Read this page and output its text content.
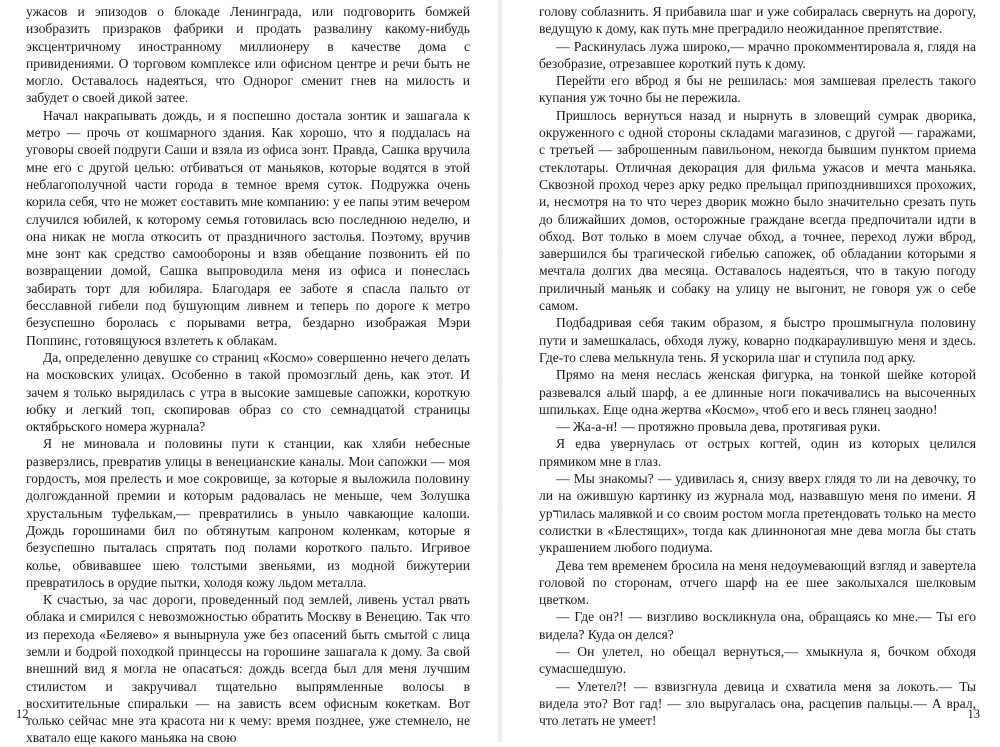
ужасов и эпизодов о блокаде Ленинграда, или подговорить бомжей изобразить призраков фабрики и продать развалину какому-нибудь эксцентричному иностранному миллионеру в качестве дома с привидениями. О торговом комплексе или офисном центре и речи быть не могло. Оставалось надеяться, что Однорог сменит гнев на милость и забудет о своей дикой затее.

Начал накрапывать дождь, и я поспешно достала зонтик и зашагала к метро — прочь от кошмарного здания. Как хорошо, что я поддалась на уговоры своей подруги Саши и взяла из офиса зонт. Правда, Сашка вручила мне его с другой целью: отбиваться от маньяков, которые водятся в этой неблагополучной части города в темное время суток. Подружка очень корила себя, что не может составить мне компанию: у ее папы этим вечером случился юбилей, к которому семья готовилась всю последнюю неделю, и она никак не могла откосить от праздничного застолья. Поэтому, вручив мне зонт как средство самообороны и взяв обещание позвонить ей по возвращении домой, Сашка выпроводила меня из офиса и понеслась забирать торт для юбиляра. Благодаря ее заботе я спасла пальто от бесславной гибели под бушующим ливнем и теперь по дороге к метро безуспешно боролась с порывами ветра, бездарно изображая Мэри Поппинс, готовящуюся взлететь к облакам.

Да, определенно девушке со страниц «Космо» совершенно нечего делать на московских улицах. Особенно в такой промозглый день, как этот. И зачем я только вырядилась с утра в высокие замшевые сапожки, короткую юбку и легкий топ, скопировав образ со сто семнадцатой страницы октябрьского номера журнала?

Я не миновала и половины пути к станции, как хляби небесные разверзлись, превратив улицы в венецианские каналы. Мои сапожки — моя гордость, моя прелесть и мое сокровище, за которые я выложила половину долгожданной премии и которым радовалась не меньше, чем Золушка хрустальным туфелькам,— превратились в уныло чавкающие калоши. Дождь горошинами бил по обтянутым капроном коленкам, которые я безуспешно пыталась спрятать под полами короткого пальто. Игривое колье, обвивавшее шею толстыми звеньями, из модной бижутерии превратилось в орудие пытки, холодя кожу льдом металла.

К счастью, за час дороги, проведенный под землей, ливень устал рвать облака и смирился с невозможностью обратить Москву в Венецию. Так что из перехода «Беляево» я вынырнула уже без опасений быть смытой с лица земли и бодрой походкой принцессы на горошине зашагала к дому. За свой внешний вид я могла не опасаться: дождь всегда был для меня лучшим стилистом и закручивал тщательно выпрямленные волосы в восхитительные спиральки — на зависть всем офисным кокеткам. Вот только сейчас мне эта красота ни к чему: время позднее, уже стемнело, не хватало еще какого маньяка на свою

12

голову соблазнить. Я прибавила шаг и уже собиралась свернуть на дорогу, ведущую к дому, как путь мне преградило неожиданное препятствие.

— Раскинулась лужа широко,— мрачно прокомментировала я, глядя на безобразие, отрезавшее короткий путь к дому.

Перейти его вброд я бы не решилась: моя замшевая прелесть такого купания уж точно бы не пережила.

Пришлось вернуться назад и нырнуть в зловещий сумрак дворика, окруженного с одной стороны складами магазинов, с другой — гаражами, с третьей — заброшенным павильоном, некогда бывшим пунктом приема стеклотары. Отличная декорация для фильма ужасов и мечта маньяка. Сквозной проход через арку редко прельщал припозднившихся прохожих, и, несмотря на то что через дворик можно было значительно срезать путь до ближайших домов, осторожные граждане всегда предпочитали идти в обход. Вот только в моем случае обход, а точнее, переход лужи вброд, завершился бы трагической гибелью сапожек, об обладании которыми я мечтала долгих два месяца. Оставалось надеяться, что в такую погоду приличный маньяк и собаку на улицу не выгонит, не говоря уж о себе самом.

Подбадривая себя таким образом, я быстро прошмыгнула половину пути и замешкалась, обходя лужу, коварно подкараулившую меня и здесь. Где-то слева мелькнула тень. Я ускорила шаг и ступила под арку.

Прямо на меня неслась женская фигурка, на тонкой шейке которой развевался алый шарф, а ее длинные ноги покачивались на высоченных шпильках. Еще одна жертва «Космо», чтоб его и весь глянец заодно!

— Жа-а-н! — протяжно провыла дева, протягивая руки.

Я едва увернулась от острых когтей, один из которых целился прямиком мне в глаз.

— Мы знакомы? — удивилась я, снизу вверх глядя то ли на девочку, то ли на ожившую картинку из журнала мод, назвавшую меня по имени. Я урודилась малявкой и со своим ростом могла претендовать только на место солистки в «Блестящих», тогда как длинноногая мне дева могла бы стать украшением любого подиума.

Дева тем временем бросила на меня недоумевающий взгляд и завертела головой по сторонам, отчего шарф на ее шее заколыхался шелковым цветком.

— Где он?! — визгливо воскликнула она, обращаясь ко мне.— Ты его видела? Куда он делся?

— Он улетел, но обещал вернуться,— хмыкнула я, бочком обходя сумасшедшую.

— Улетел?! — взвизгнула девица и схватила меня за локоть.— Ты видела это? Вот гад! — зло выругалась она, расцепив пальцы.— А врал, что летать не умеет!	13
